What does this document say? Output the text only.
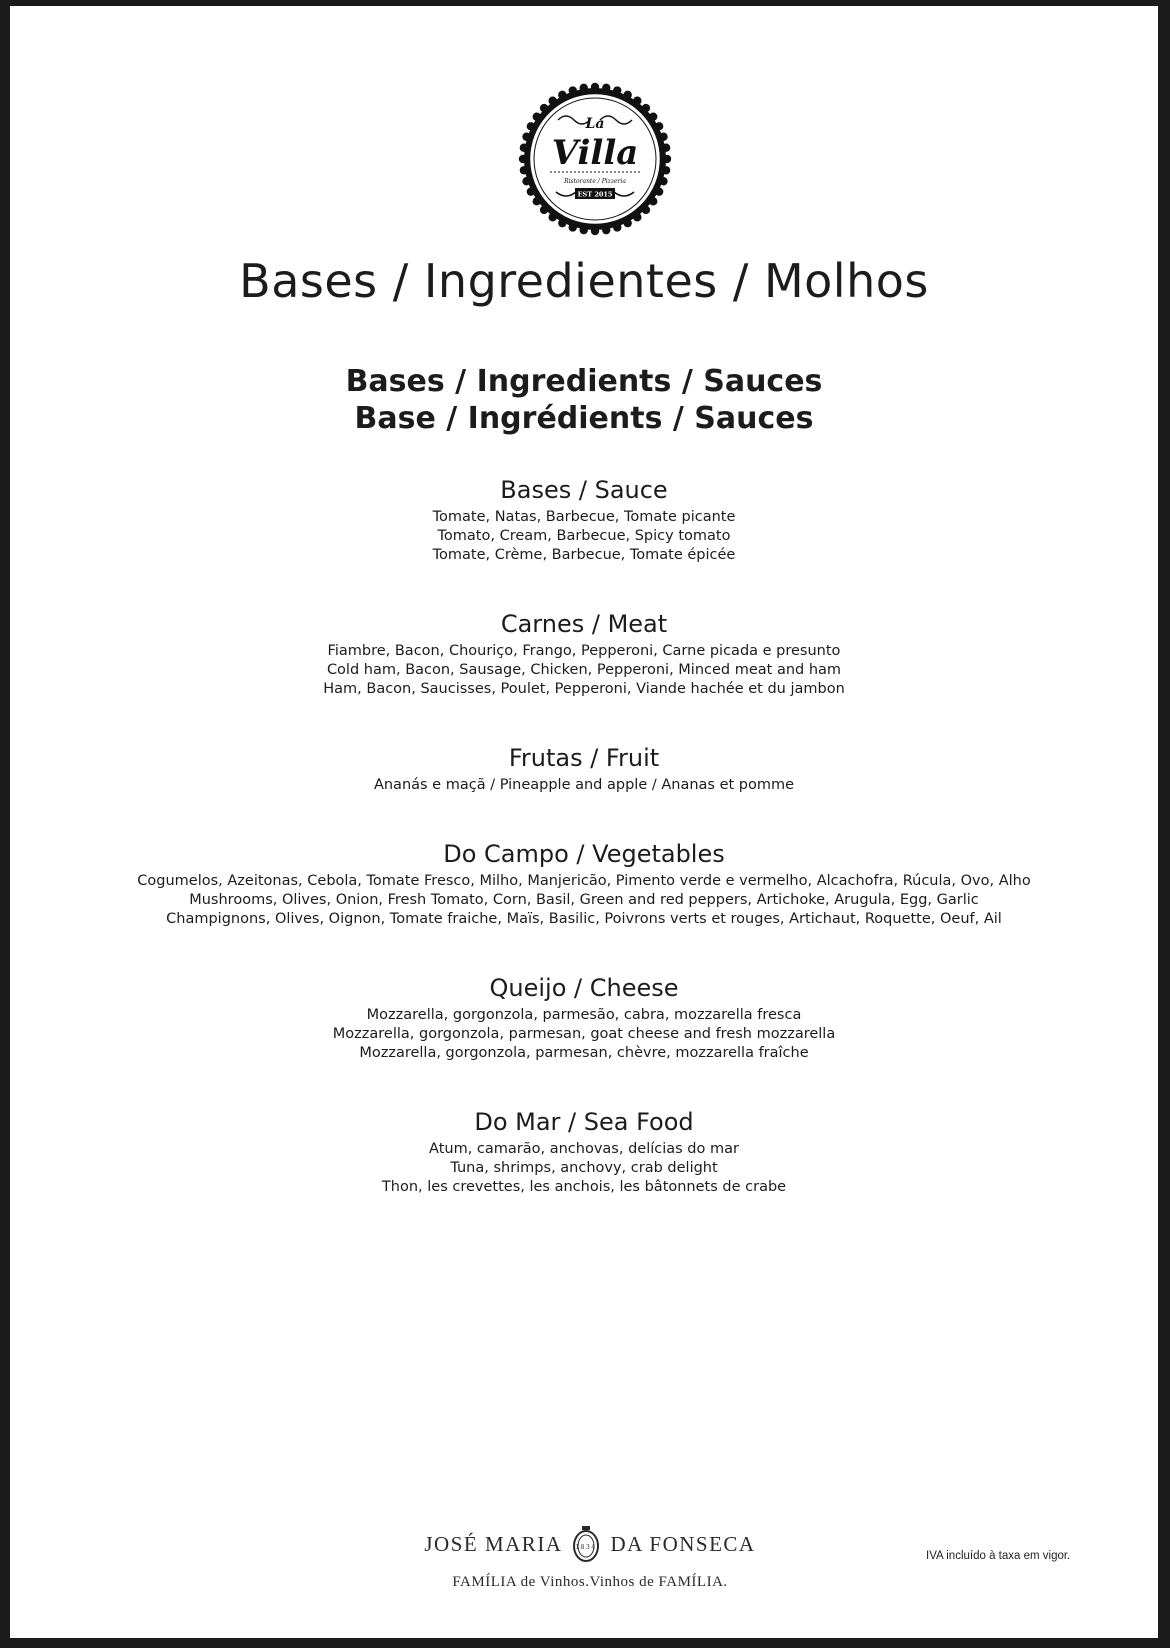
La
Villa
Ristorante / Pizzeria
EST 2015
Bases / Ingredientes / Molhos
Bases / Ingredients / Sauces
Base / Ingrédients / Sauces
Bases / Sauce
Tomate, Natas, Barbecue, Tomate picante
Tomato, Cream, Barbecue, Spicy tomato
Tomate, Crème, Barbecue, Tomate épicée
Carnes / Meat
Fiambre, Bacon, Chouriço, Frango, Pepperoni, Carne picada e presunto
Cold ham, Bacon, Sausage, Chicken, Pepperoni, Minced meat and ham
Ham, Bacon, Saucisses, Poulet, Pepperoni, Viande hachée et du jambon
Frutas / Fruit
Ananás e maçã / Pineapple and apple / Ananas et pomme
Do Campo / Vegetables
Cogumelos, Azeitonas, Cebola, Tomate Fresco, Milho, Manjericão, Pimento verde e vermelho, Alcachofra, Rúcula, Ovo, Alho
Mushrooms, Olives, Onion, Fresh Tomato, Corn, Basil, Green and red peppers, Artichoke, Arugula, Egg, Garlic
Champignons, Olives, Oignon, Tomate fraiche, Maïs, Basilic, Poivrons verts et rouges, Artichaut, Roquette, Oeuf, Ail
Queijo / Cheese
Mozzarella, gorgonzola, parmesão, cabra, mozzarella fresca
Mozzarella, gorgonzola, parmesan, goat cheese and fresh mozzarella
Mozzarella, gorgonzola, parmesan, chèvre, mozzarella fraîche
Do Mar / Sea Food
Atum, camarão, anchovas, delícias do mar
Tuna, shrimps, anchovy, crab delight
Thon, les crevettes, les anchois, les bâtonnets de crabe
JOSÉ MARIA 1834 DA FONSECA
FAMÍLIA de Vinhos.Vinhos de FAMÍLIA.
IVA incluído à taxa em vigor.
